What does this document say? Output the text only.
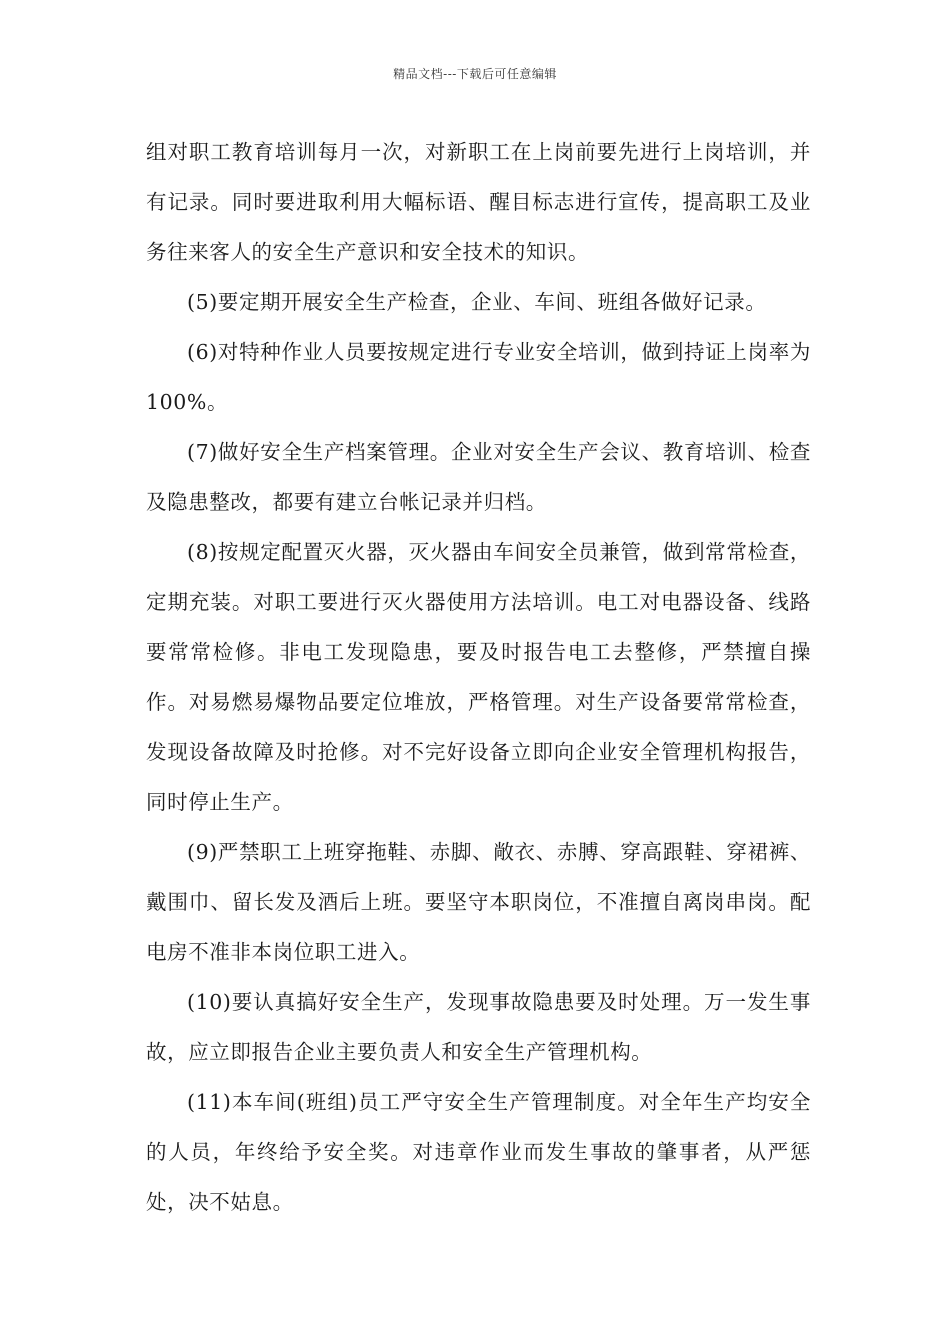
精品文档---下载后可任意编辑

组对职工教育培训每月一次，对新职工在上岗前要先进行上岗培训，并有记录。同时要进取利用大幅标语、醒目标志进行宣传，提高职工及业务往来客人的安全生产意识和安全技术的知识。

(5)要定期开展安全生产检查，企业、车间、班组各做好记录。

(6)对特种作业人员要按规定进行专业安全培训，做到持证上岗率为100%。

(7)做好安全生产档案管理。企业对安全生产会议、教育培训、检查及隐患整改，都要有建立台帐记录并归档。

(8)按规定配置灭火器，灭火器由车间安全员兼管，做到常常检查，定期充装。对职工要进行灭火器使用方法培训。电工对电器设备、线路要常常检修。非电工发现隐患，要及时报告电工去整修，严禁擅自操作。对易燃易爆物品要定位堆放，严格管理。对生产设备要常常检查，发现设备故障及时抢修。对不完好设备立即向企业安全管理机构报告，同时停止生产。

(9)严禁职工上班穿拖鞋、赤脚、敞衣、赤膊、穿高跟鞋、穿裙裤、戴围巾、留长发及酒后上班。要坚守本职岗位，不准擅自离岗串岗。配电房不准非本岗位职工进入。

(10)要认真搞好安全生产，发现事故隐患要及时处理。万一发生事故，应立即报告企业主要负责人和安全生产管理机构。

(11)本车间(班组)员工严守安全生产管理制度。对全年生产均安全的人员，年终给予安全奖。对违章作业而发生事故的肇事者，从严惩处，决不姑息。
